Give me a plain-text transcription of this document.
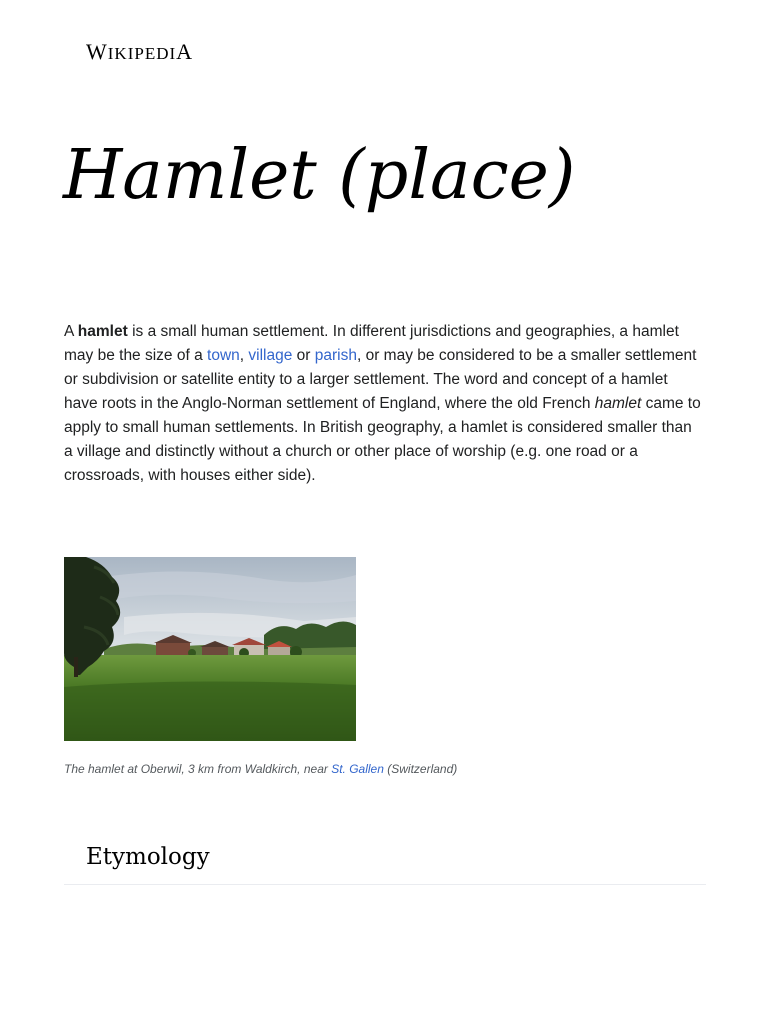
WIKIPEDIA
Hamlet (place)

A hamlet is a small human settlement. In different jurisdictions and geographies, a hamlet may be the size of a town, village or parish, or may be considered to be a smaller settlement or subdivision or satellite entity to a larger settlement. The word and concept of a hamlet have roots in the Anglo-Norman settlement of England, where the old French hamlet came to apply to small human settlements. In British geography, a hamlet is considered smaller than a village and distinctly without a church or other place of worship (e.g. one road or a crossroads, with houses either side).

The hamlet at Oberwil, 3 km from Waldkirch, near St. Gallen (Switzerland)
Etymology
